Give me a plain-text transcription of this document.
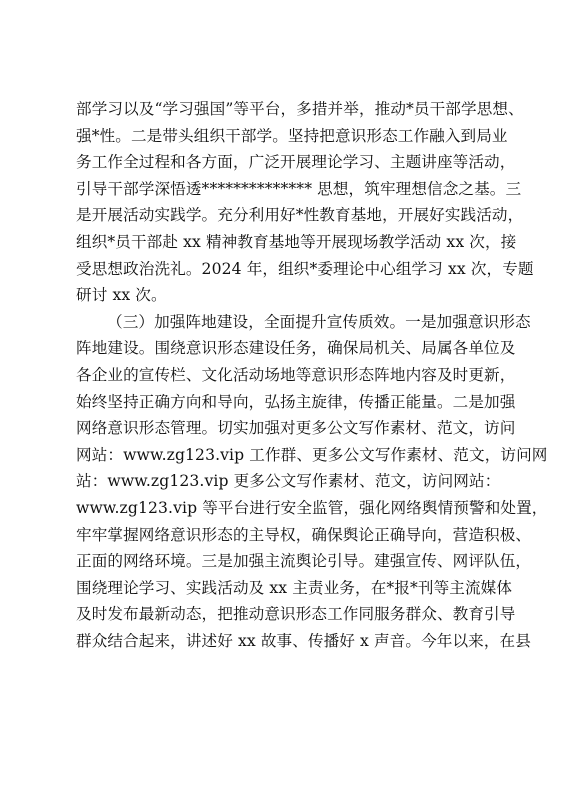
部学习以及“学习强国”等平台，多措并举，推动*员干部学思想、
强*性。二是带头组织干部学。坚持把意识形态工作融入到局业
务工作全过程和各方面，广泛开展理论学习、主题讲座等活动，
引导干部学深悟透************** 思想，筑牢理想信念之基。三
是开展活动实践学。充分利用好*性教育基地，开展好实践活动，
组织*员干部赴 xx 精神教育基地等开展现场教学活动 xx 次，接
受思想政治洗礼。2024 年，组织*委理论中心组学习 xx 次，专题
研讨 xx 次。
（三）加强阵地建设，全面提升宣传质效。一是加强意识形态
阵地建设。围绕意识形态建设任务，确保局机关、局属各单位及
各企业的宣传栏、文化活动场地等意识形态阵地内容及时更新，
始终坚持正确方向和导向，弘扬主旋律，传播正能量。二是加强
网络意识形态管理。切实加强对更多公文写作素材、范文，访问
网站：www.zg123.vip 工作群、更多公文写作素材、范文，访问网
站：www.zg123.vip 更多公文写作素材、范文，访问网站：
www.zg123.vip 等平台进行安全监管，强化网络舆情预警和处置，
牢牢掌握网络意识形态的主导权，确保舆论正确导向，营造积极、
正面的网络环境。三是加强主流舆论引导。建强宣传、网评队伍，
围绕理论学习、实践活动及 xx 主责业务，在*报*刊等主流媒体
及时发布最新动态，把推动意识形态工作同服务群众、教育引导
群众结合起来，讲述好 xx 故事、传播好 x 声音。今年以来，在县
